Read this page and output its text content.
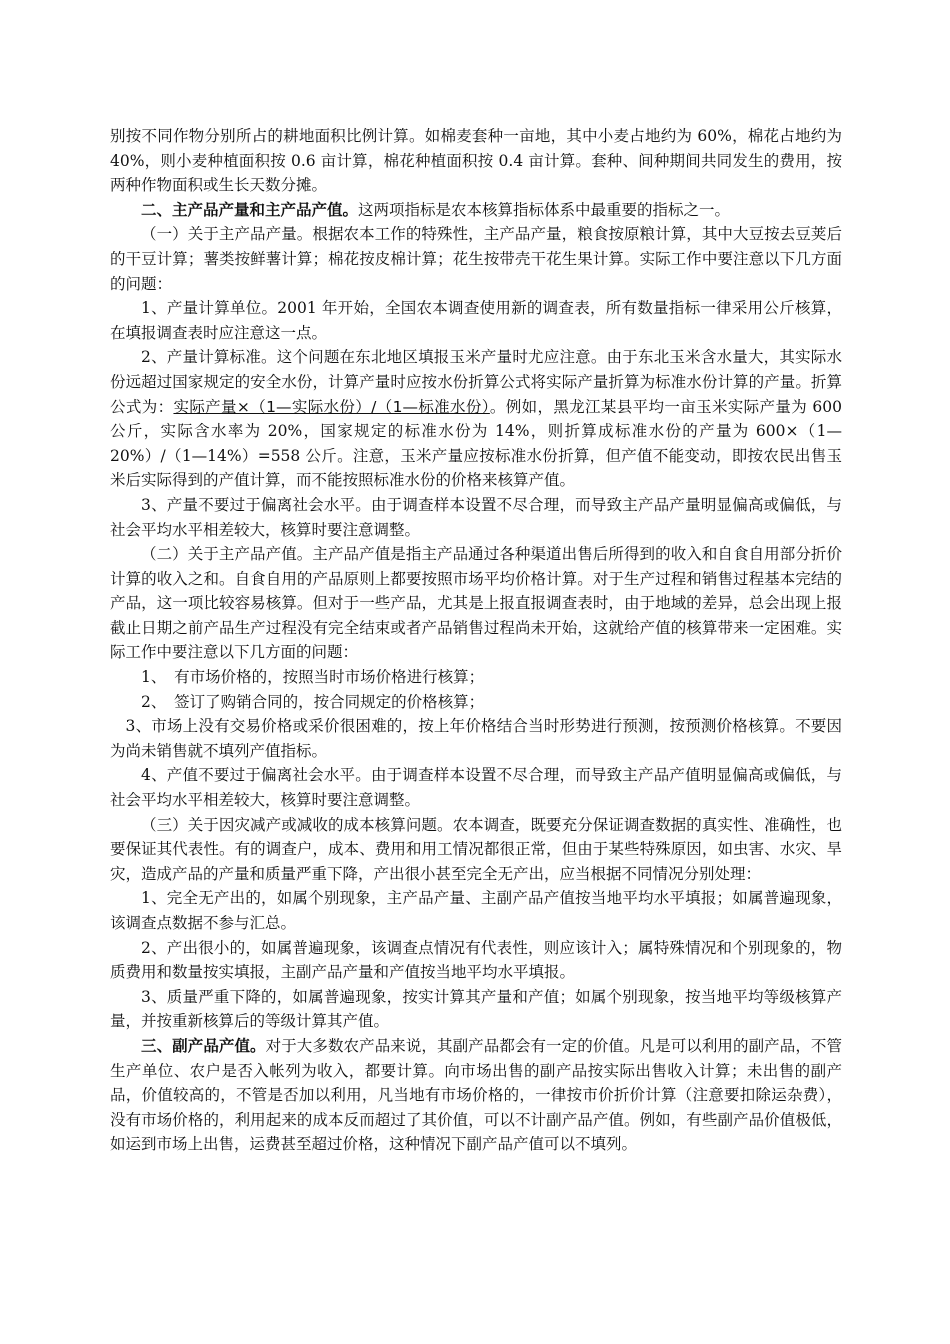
别按不同作物分别所占的耕地面积比例计算。如棉麦套种一亩地，其中小麦占地约为 60%，棉花占地约为 40%，则小麦种植面积按 0.6 亩计算，棉花种植面积按 0.4 亩计算。套种、间种期间共同发生的费用，按两种作物面积或生长天数分摊。

二、主产品产量和主产品产值。这两项指标是农本核算指标体系中最重要的指标之一。

（一）关于主产品产量。根据农本工作的特殊性，主产品产量，粮食按原粮计算，其中大豆按去豆荚后的干豆计算；薯类按鲜薯计算；棉花按皮棉计算；花生按带壳干花生果计算。实际工作中要注意以下几方面的问题：

1、产量计算单位。2001 年开始，全国农本调查使用新的调查表，所有数量指标一律采用公斤核算，在填报调查表时应注意这一点。

2、产量计算标准。这个问题在东北地区填报玉米产量时尤应注意。由于东北玉米含水量大，其实际水份远超过国家规定的安全水份，计算产量时应按水份折算公式将实际产量折算为标准水份计算的产量。折算公式为：实际产量×（1—实际水份）/（1—标准水份）。例如，黑龙江某县平均一亩玉米实际产量为 600 公斤，实际含水率为 20%，国家规定的标准水份为 14%，则折算成标准水份的产量为 600×（1—20%）/（1—14%）=558 公斤。注意，玉米产量应按标准水份折算，但产值不能变动，即按农民出售玉米后实际得到的产值计算，而不能按照标准水份的价格来核算产值。

3、产量不要过于偏离社会水平。由于调查样本设置不尽合理，而导致主产品产量明显偏高或偏低，与社会平均水平相差较大，核算时要注意调整。

（二）关于主产品产值。主产品产值是指主产品通过各种渠道出售后所得到的收入和自食自用部分折价计算的收入之和。自食自用的产品原则上都要按照市场平均价格计算。对于生产过程和销售过程基本完结的产品，这一项比较容易核算。但对于一些产品，尤其是上报直报调查表时，由于地域的差异，总会出现上报截止日期之前产品生产过程没有完全结束或者产品销售过程尚未开始，这就给产值的核算带来一定困难。实际工作中要注意以下几方面的问题：

1、　有市场价格的，按照当时市场价格进行核算；

2、　签订了购销合同的，按合同规定的价格核算；

3、市场上没有交易价格或采价很困难的，按上年价格结合当时形势进行预测，按预测价格核算。不要因为尚未销售就不填列产值指标。

4、产值不要过于偏离社会水平。由于调查样本设置不尽合理，而导致主产品产值明显偏高或偏低，与社会平均水平相差较大，核算时要注意调整。

（三）关于因灾减产或减收的成本核算问题。农本调查，既要充分保证调查数据的真实性、准确性，也要保证其代表性。有的调查户，成本、费用和用工情况都很正常，但由于某些特殊原因，如虫害、水灾、旱灾，造成产品的产量和质量严重下降，产出很小甚至完全无产出，应当根据不同情况分别处理：

1、完全无产出的，如属个别现象，主产品产量、主副产品产值按当地平均水平填报；如属普遍现象，该调查点数据不参与汇总。

2、产出很小的，如属普遍现象，该调查点情况有代表性，则应该计入；属特殊情况和个别现象的，物质费用和数量按实填报，主副产品产量和产值按当地平均水平填报。

3、质量严重下降的，如属普遍现象，按实计算其产量和产值；如属个别现象，按当地平均等级核算产量，并按重新核算后的等级计算其产值。

三、副产品产值。对于大多数农产品来说，其副产品都会有一定的价值。凡是可以利用的副产品，不管生产单位、农户是否入帐列为收入，都要计算。向市场出售的副产品按实际出售收入计算；未出售的副产品，价值较高的，不管是否加以利用，凡当地有市场价格的，一律按市价折价计算（注意要扣除运杂费），没有市场价格的，利用起来的成本反而超过了其价值，可以不计副产品产值。例如，有些副产品价值极低，如运到市场上出售，运费甚至超过价格，这种情况下副产品产值可以不填列。
